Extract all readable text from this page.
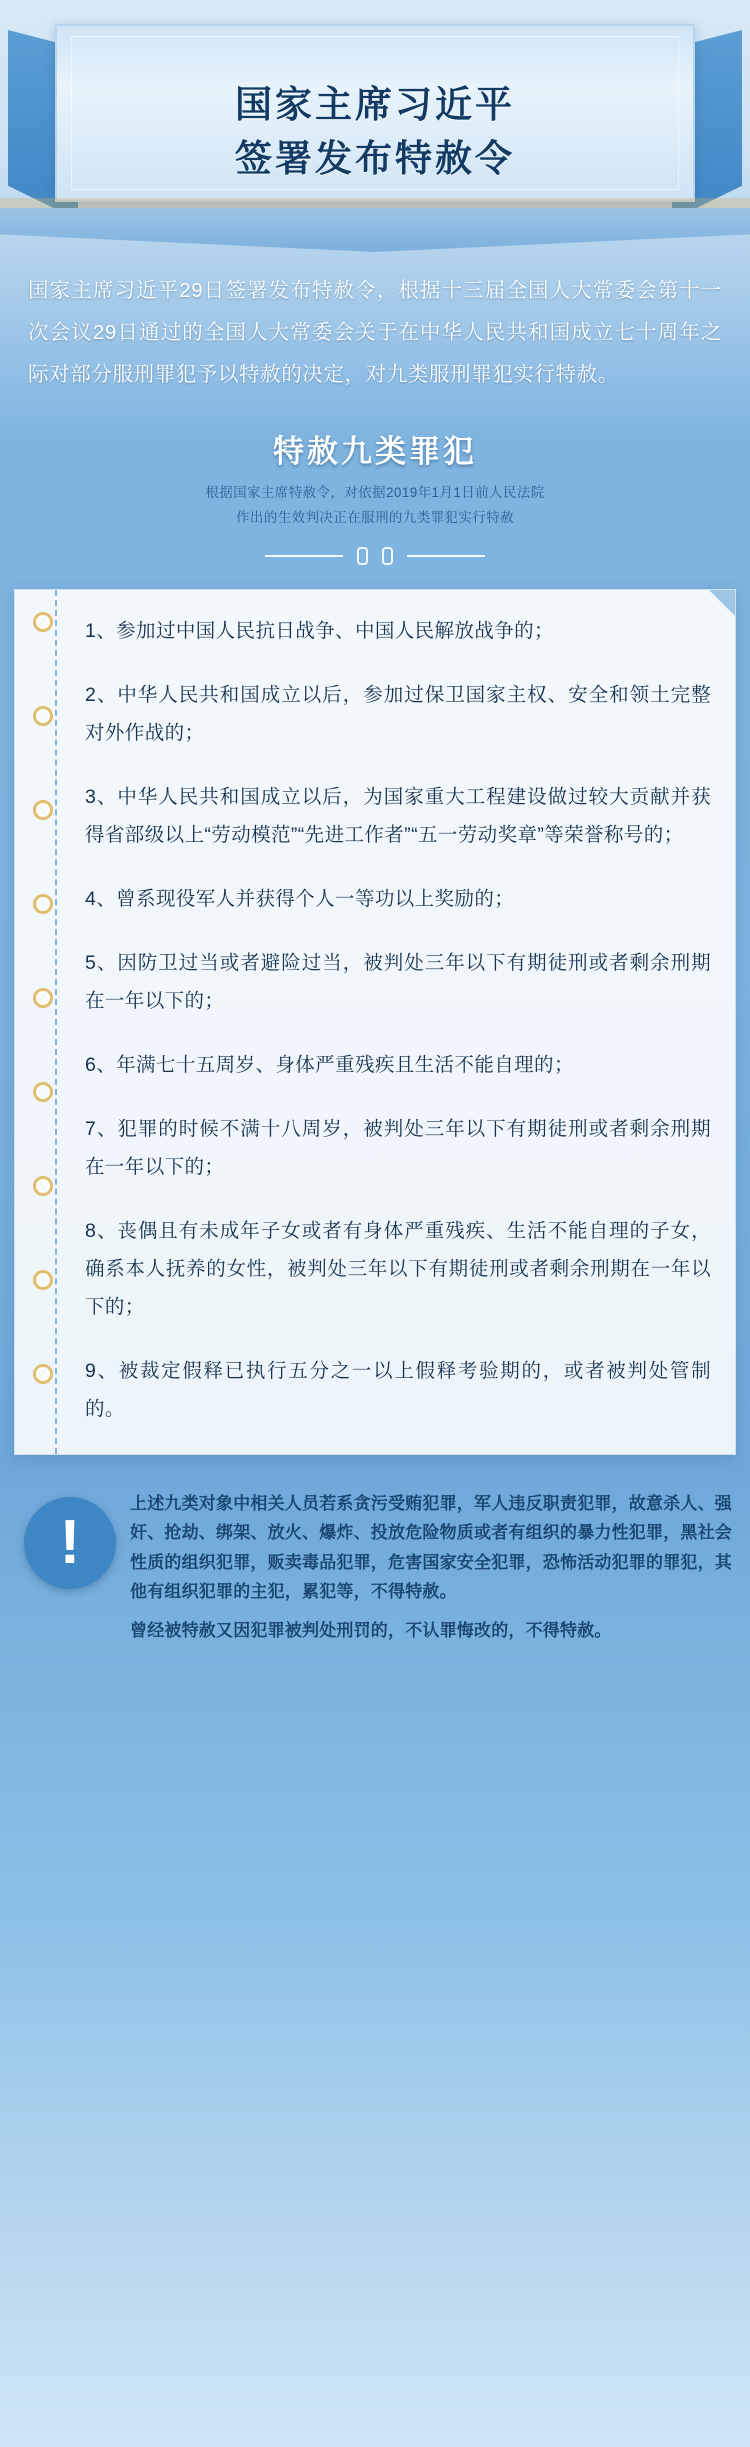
国家主席习近平
签署发布特赦令
国家主席习近平29日签署发布特赦令，根据十三届全国人大常委会第十一次会议29日通过的全国人大常委会关于在中华人民共和国成立七十周年之际对部分服刑罪犯予以特赦的决定，对九类服刑罪犯实行特赦。
特赦九类罪犯
根据国家主席特赦令，对依据2019年1月1日前人民法院
作出的生效判决正在服刑的九类罪犯实行特赦
1、参加过中国人民抗日战争、中国人民解放战争的；
2、中华人民共和国成立以后，参加过保卫国家主权、安全和领土完整对外作战的；
3、中华人民共和国成立以后，为国家重大工程建设做过较大贡献并获得省部级以上“劳动模范”“先进工作者”“五一劳动奖章”等荣誉称号的；
4、曾系现役军人并获得个人一等功以上奖励的；
5、因防卫过当或者避险过当，被判处三年以下有期徒刑或者剩余刑期在一年以下的；
6、年满七十五周岁、身体严重残疾且生活不能自理的；
7、犯罪的时候不满十八周岁，被判处三年以下有期徒刑或者剩余刑期在一年以下的；
8、丧偶且有未成年子女或者有身体严重残疾、生活不能自理的子女，确系本人抚养的女性，被判处三年以下有期徒刑或者剩余刑期在一年以下的；
9、被裁定假释已执行五分之一以上假释考验期的，或者被判处管制的。
!

上述九类对象中相关人员若系贪污受贿犯罪，军人违反职责犯罪，故意杀人、强奸、抢劫、绑架、放火、爆炸、投放危险物质或者有组织的暴力性犯罪，黑社会性质的组织犯罪，贩卖毒品犯罪，危害国家安全犯罪，恐怖活动犯罪的罪犯，其他有组织犯罪的主犯，累犯等，不得特赦。

曾经被特赦又因犯罪被判处刑罚的，不认罪悔改的，不得特赦。
